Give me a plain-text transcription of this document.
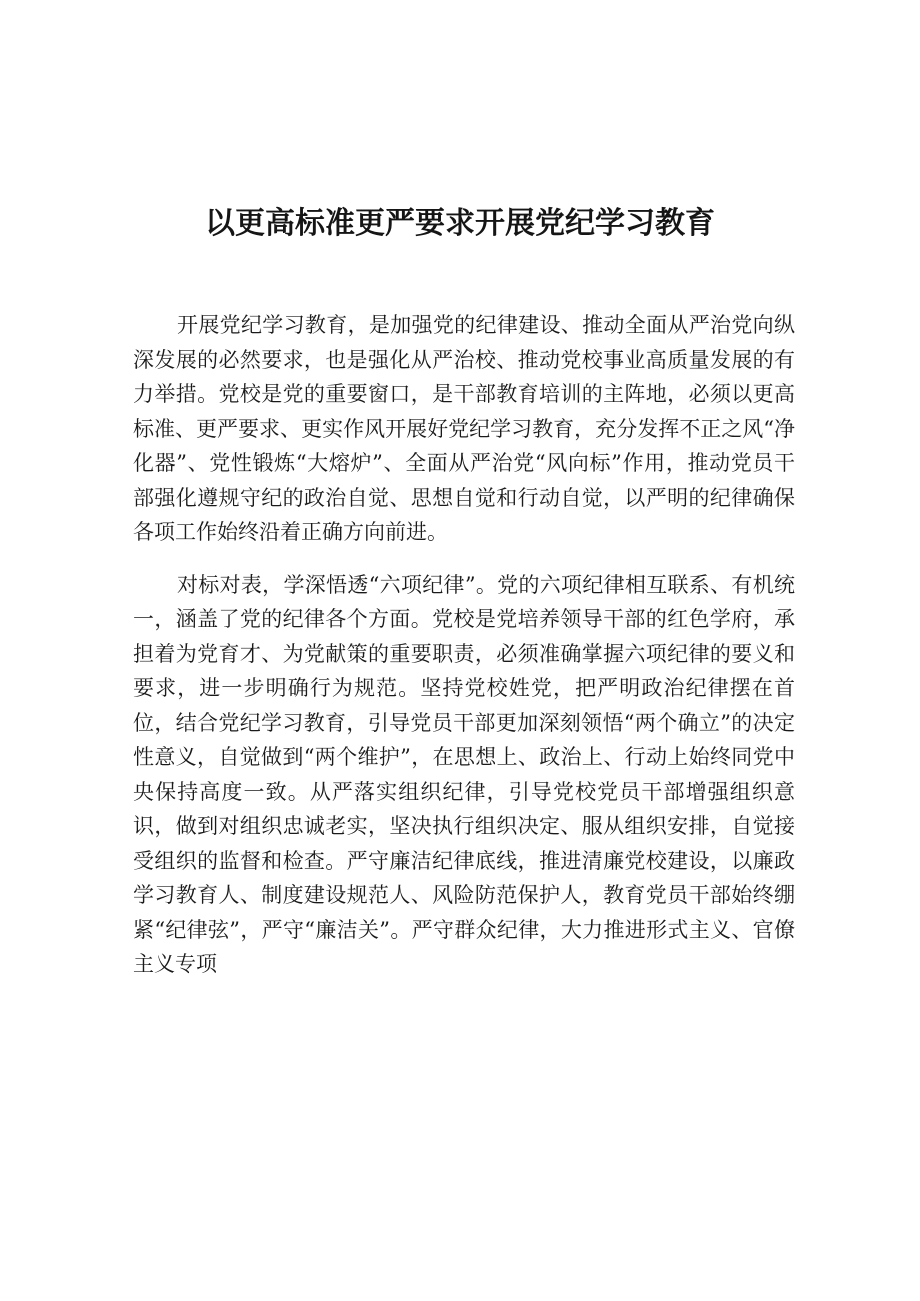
以更高标准更严要求开展党纪学习教育

开展党纪学习教育，是加强党的纪律建设、推动全面从严治党向纵深发展的必然要求，也是强化从严治校、推动党校事业高质量发展的有力举措。党校是党的重要窗口，是干部教育培训的主阵地，必须以更高标准、更严要求、更实作风开展好党纪学习教育，充分发挥不正之风“净化器”、党性锻炼“大熔炉”、全面从严治党“风向标”作用，推动党员干部强化遵规守纪的政治自觉、思想自觉和行动自觉，以严明的纪律确保各项工作始终沿着正确方向前进。

对标对表，学深悟透“六项纪律”。党的六项纪律相互联系、有机统一，涵盖了党的纪律各个方面。党校是党培养领导干部的红色学府，承担着为党育才、为党献策的重要职责，必须准确掌握六项纪律的要义和要求，进一步明确行为规范。坚持党校姓党，把严明政治纪律摆在首位，结合党纪学习教育，引导党员干部更加深刻领悟“两个确立”的决定性意义，自觉做到“两个维护”，在思想上、政治上、行动上始终同党中央保持高度一致。从严落实组织纪律，引导党校党员干部增强组织意识，做到对组织忠诚老实，坚决执行组织决定、服从组织安排，自觉接受组织的监督和检查。严守廉洁纪律底线，推进清廉党校建设，以廉政学习教育人、制度建设规范人、风险防范保护人，教育党员干部始终绷紧“纪律弦”，严守“廉洁关”。严守群众纪律，大力推进形式主义、官僚主义专项
